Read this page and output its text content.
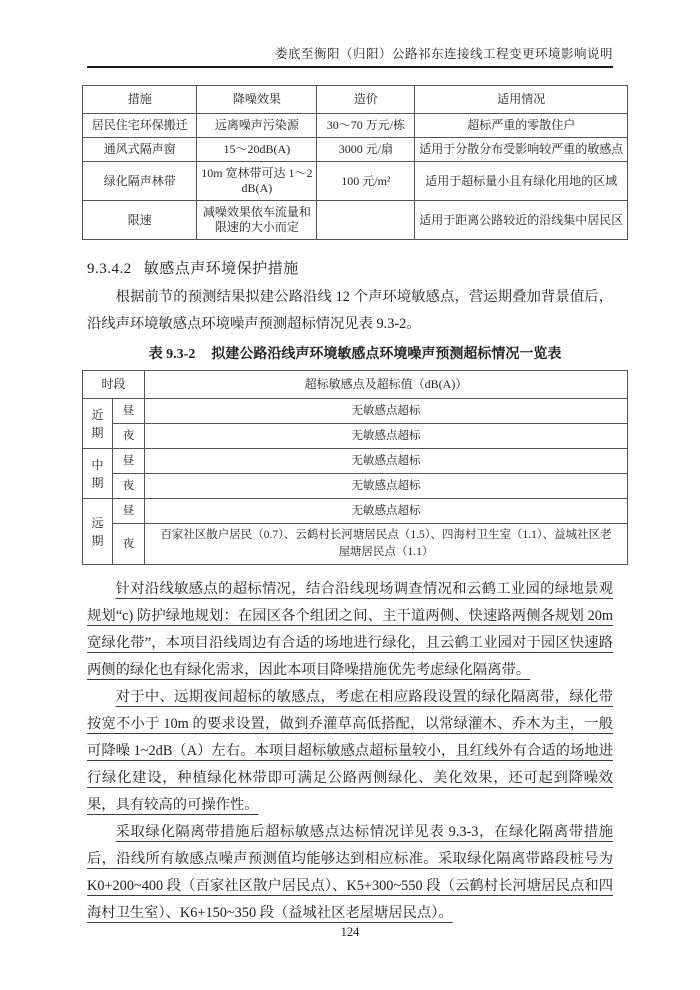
娄底至衡阳（归阳）公路祁东连接线工程变更环境影响说明
措施	降噪效果	造价	适用情况
居民住宅环保搬迁	远离噪声污染源	30～70 万元/栋	超标严重的零散住户
通风式隔声窗	15～20dB(A)	3000 元/扇	适用于分散分布受影响较严重的敏感点
绿化隔声林带	10m 宽林带可达 1～2 dB(A)	100 元/m²	适用于超标量小且有绿化用地的区域
限速	减噪效果依车流量和限速的大小而定		适用于距离公路较近的沿线集中居民区
9.3.4.2 敏感点声环境保护措施

根据前节的预测结果拟建公路沿线 12 个声环境敏感点，营运期叠加背景值后，沿线声环境敏感点环境噪声预测超标情况见表 9.3-2。

表 9.3-2 拟建公路沿线声环境敏感点环境噪声预测超标情况一览表
时段		超标敏感点及超标值（dB(A)）
近期	昼	无敏感点超标
	夜	无敏感点超标
中期	昼	无敏感点超标
	夜	无敏感点超标
远期	昼	无敏感点超标
	夜	百家社区散户居民（0.7）、云鹤村长河塘居民点（1.5）、四海村卫生室（1.1）、益城社区老屋塘居民点（1.1）

针对沿线敏感点的超标情况，结合沿线现场调查情况和云鹤工业园的绿地景观规划“c) 防护绿地规划：在园区各个组团之间、主干道两侧、快速路两侧各规划 20m 宽绿化带”，本项目沿线周边有合适的场地进行绿化，且云鹤工业园对于园区快速路两侧的绿化也有绿化需求，因此本项目降噪措施优先考虑绿化隔离带。

对于中、远期夜间超标的敏感点，考虑在相应路段设置的绿化隔离带，绿化带按宽不小于 10m 的要求设置，做到乔灌草高低搭配，以常绿灌木、乔木为主，一般可降噪 1~2dB（A）左右。本项目超标敏感点超标量较小，且红线外有合适的场地进行绿化建设，种植绿化林带即可满足公路两侧绿化、美化效果，还可起到降噪效果，具有较高的可操作性。

采取绿化隔离带措施后超标敏感点达标情况详见表 9.3-3，在绿化隔离带措施后，沿线所有敏感点噪声预测值均能够达到相应标准。采取绿化隔离带路段桩号为 K0+200~400 段（百家社区散户居民点）、K5+300~550 段（云鹤村长河塘居民点和四海村卫生室）、K6+150~350 段（益城社区老屋塘居民点）。

124
